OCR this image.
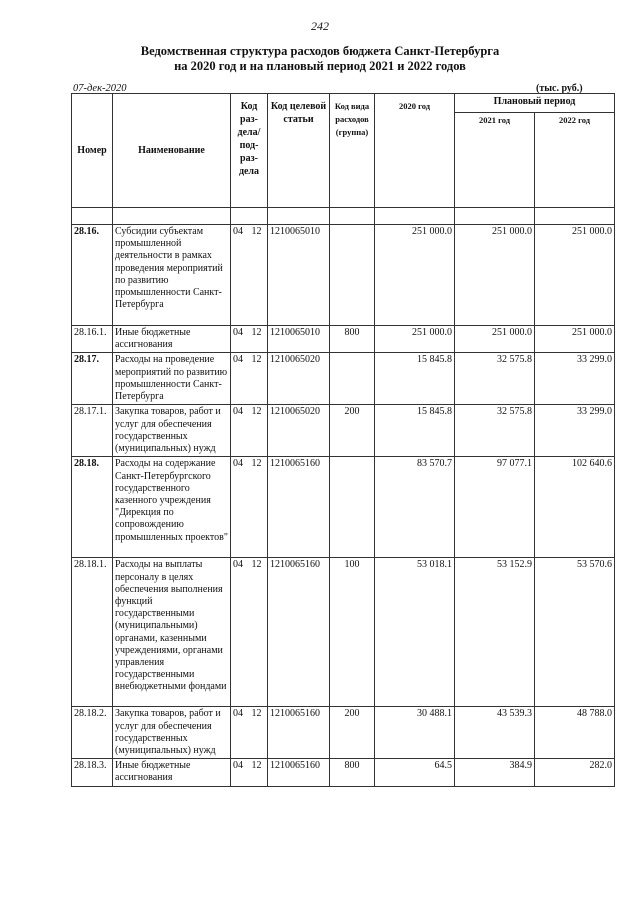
242
Ведомственная структура расходов бюджета Санкт-Петербурга
на 2020 год и на плановый период 2021 и 2022 годов
07-дек-2020	(тыс. руб.)
Номер	Наименование	Код раз- дела/ под- раз- дела	Код целевой статьи	Код вида расходов (группа)	2020 год	Плановый период	
						2021 год	2022 год

28.16.	Субсидии субъектам промышленной деятельности в рамках проведения мероприятий по развитию промышленности Санкт-Петербурга	04 12	1210065010		251 000.0	251 000.0	251 000.0
28.16.1.	Иные бюджетные ассигнования	04 12	1210065010	800	251 000.0	251 000.0	251 000.0
28.17.	Расходы на проведение мероприятий по развитию промышленности Санкт-Петербурга	04 12	1210065020		15 845.8	32 575.8	33 299.0
28.17.1.	Закупка товаров, работ и услуг для обеспечения государственных (муниципальных) нужд	04 12	1210065020	200	15 845.8	32 575.8	33 299.0
28.18.	Расходы на содержание Санкт-Петербургского государственного казенного учреждения "Дирекция по сопровождению промышленных проектов"	04 12	1210065160		83 570.7	97 077.1	102 640.6
28.18.1.	Расходы на выплаты персоналу в целях обеспечения выполнения функций государственными (муниципальными) органами, казенными учреждениями, органами управления государственными внебюджетными фондами	04 12	1210065160	100	53 018.1	53 152.9	53 570.6
28.18.2.	Закупка товаров, работ и услуг для обеспечения государственных (муниципальных) нужд	04 12	1210065160	200	30 488.1	43 539.3	48 788.0
28.18.3.	Иные бюджетные ассигнования	04 12	1210065160	800	64.5	384.9	282.0
